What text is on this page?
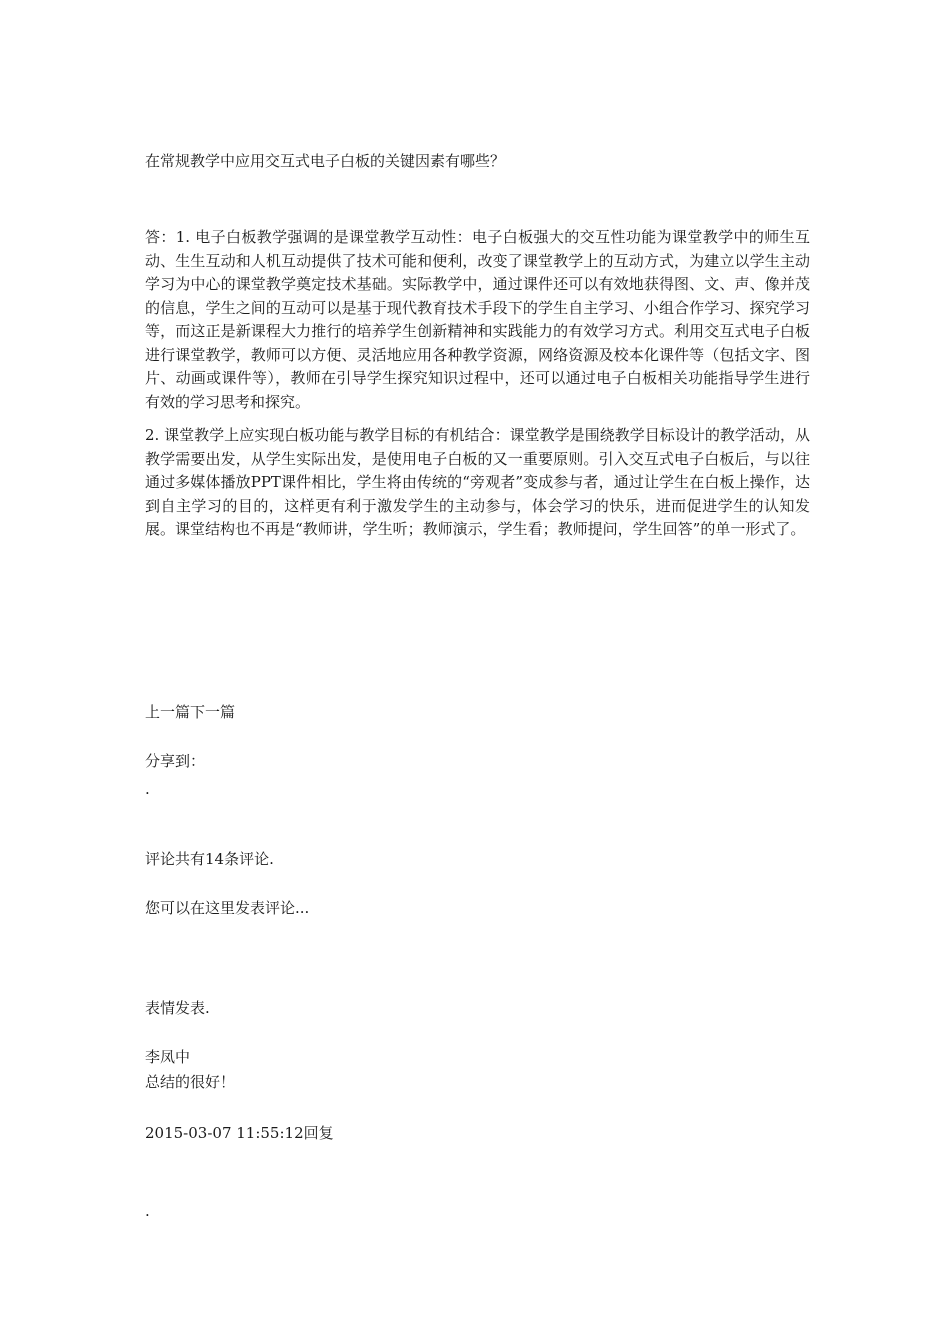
在常规教学中应用交互式电子白板的关键因素有哪些？

答：1. 电子白板教学强调的是课堂教学互动性：电子白板强大的交互性功能为课堂教学中的师生互动、生生互动和人机互动提供了技术可能和便利，改变了课堂教学上的互动方式，为建立以学生主动学习为中心的课堂教学奠定技术基础。实际教学中，通过课件还可以有效地获得图、文、声、像并茂的信息，学生之间的互动可以是基于现代教育技术手段下的学生自主学习、小组合作学习、探究学习等，而这正是新课程大力推行的培养学生创新精神和实践能力的有效学习方式。利用交互式电子白板进行课堂教学，教师可以方便、灵活地应用各种教学资源，网络资源及校本化课件等（包括文字、图片、动画或课件等），教师在引导学生探究知识过程中，还可以通过电子白板相关功能指导学生进行有效的学习思考和探究。

2. 课堂教学上应实现白板功能与教学目标的有机结合：课堂教学是围绕教学目标设计的教学活动，从教学需要出发，从学生实际出发，是使用电子白板的又一重要原则。引入交互式电子白板后，与以往通过多媒体播放PPT课件相比，学生将由传统的“旁观者”变成参与者，通过让学生在白板上操作，达到自主学习的目的，这样更有利于激发学生的主动参与，体会学习的快乐，进而促进学生的认知发展。课堂结构也不再是“教师讲，学生听；教师演示，学生看；教师提问，学生回答”的单一形式了。

上一篇下一篇
分享到：
.
评论共有14条评论.
您可以在这里发表评论...
表情发表.
李凤中
总结的很好！
2015-03-07 11:55:12回复
.
